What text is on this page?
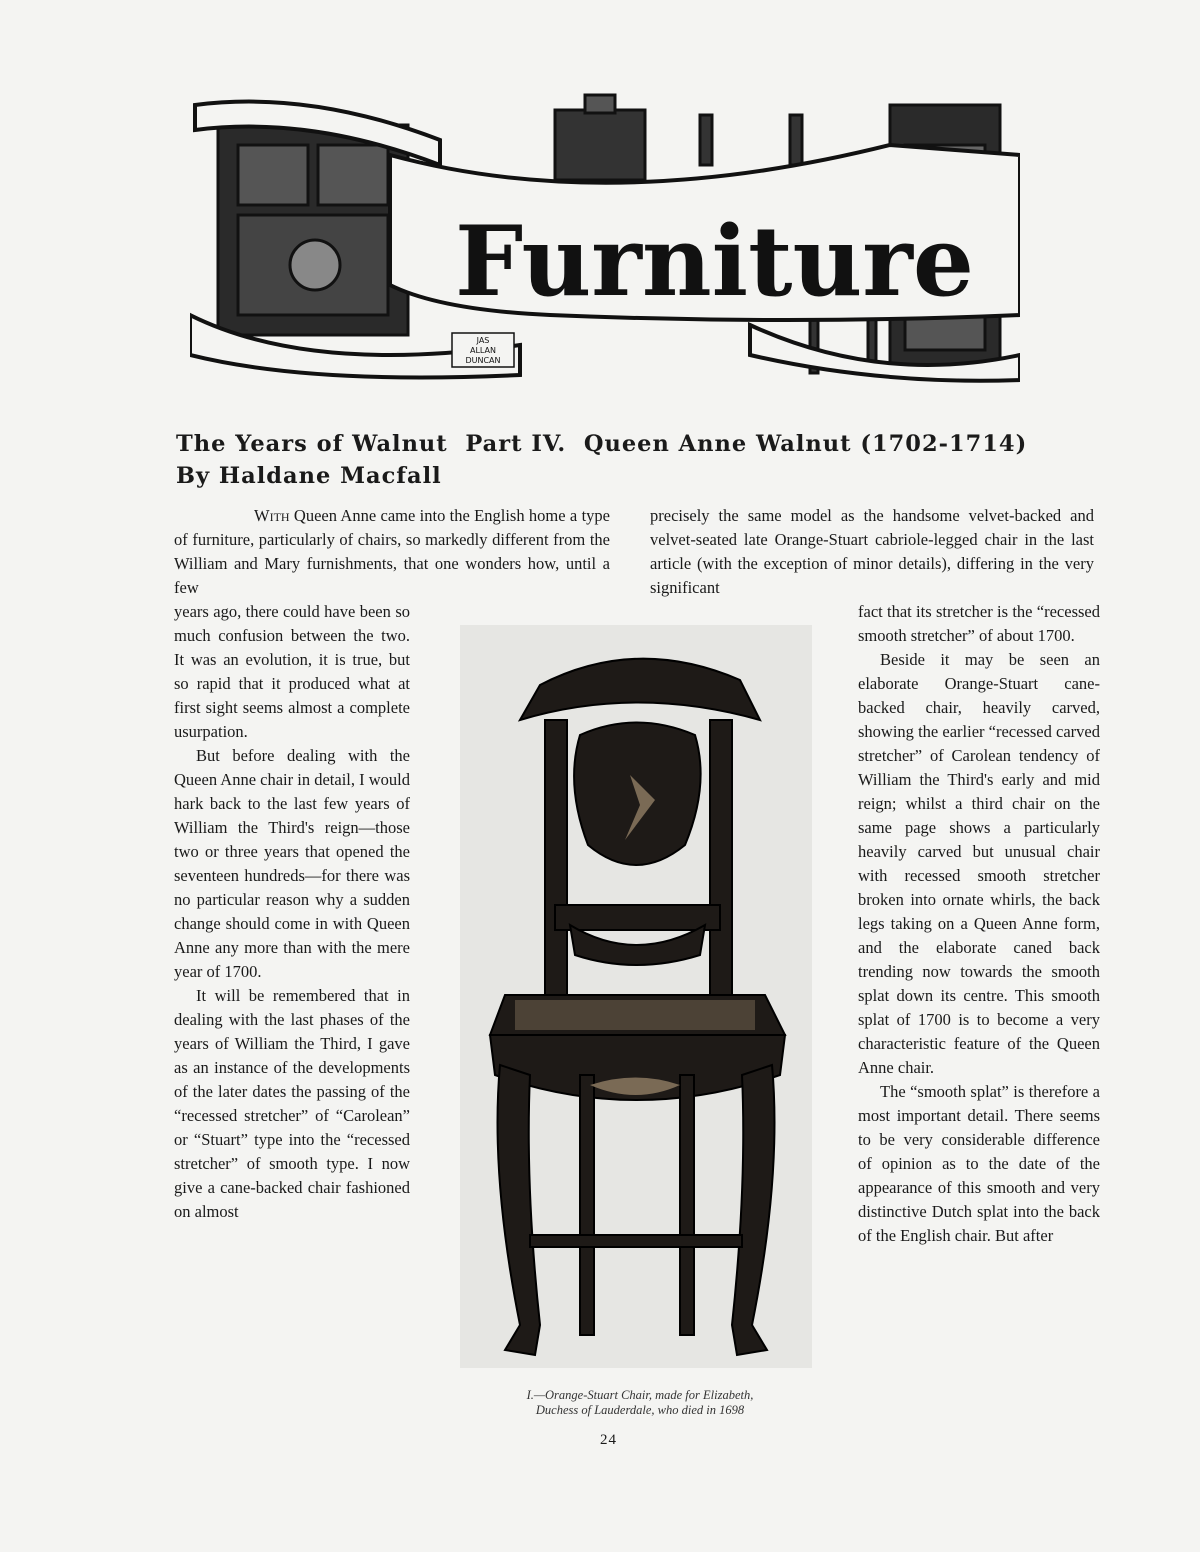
Furniture
JAS
ALLAN
DUNCAN
The Years of Walnut  Part IV.  Queen Anne Walnut (1702-1714)
By Haldane Macfall

With Queen Anne came into the English home a type of furniture, particularly of chairs, so markedly different from the William and Mary furnishments, that one wonders how, until a few

precisely the same model as the handsome velvet-backed and velvet-seated late Orange-Stuart cabriole-legged chair in the last article (with the exception of minor details), differing in the very significant

years ago, there could have been so much confusion between the two. It was an evolution, it is true, but so rapid that it produced what at first sight seems almost a complete usurpation.

But before dealing with the Queen Anne chair in detail, I would hark back to the last few years of William the Third's reign—those two or three years that opened the seventeen hundreds—for there was no particular reason why a sudden change should come in with Queen Anne any more than with the mere year of 1700.

It will be remembered that in dealing with the last phases of the years of William the Third, I gave as an instance of the developments of the later dates the passing of the “recessed stretcher” of “Carolean” or “Stuart” type into the “recessed stretcher” of smooth type. I now give a cane-backed chair fashioned on almost

I.—Orange-Stuart Chair, made for Elizabeth,
Duchess of Lauderdale, who died in 1698

fact that its stretcher is the “recessed smooth stretcher” of about 1700.

Beside it may be seen an elaborate Orange-Stuart cane-backed chair, heavily carved, showing the earlier “recessed carved stretcher” of Carolean tendency of William the Third's early and mid reign; whilst a third chair on the same page shows a particularly heavily carved but unusual chair with recessed smooth stretcher broken into ornate whirls, the back legs taking on a Queen Anne form, and the elaborate caned back trending now towards the smooth splat down its centre. This smooth splat of 1700 is to become a very characteristic feature of the Queen Anne chair.

The “smooth splat” is therefore a most important detail. There seems to be very considerable difference of opinion as to the date of the appearance of this smooth and very distinctive Dutch splat into the back of the English chair. But after

24
